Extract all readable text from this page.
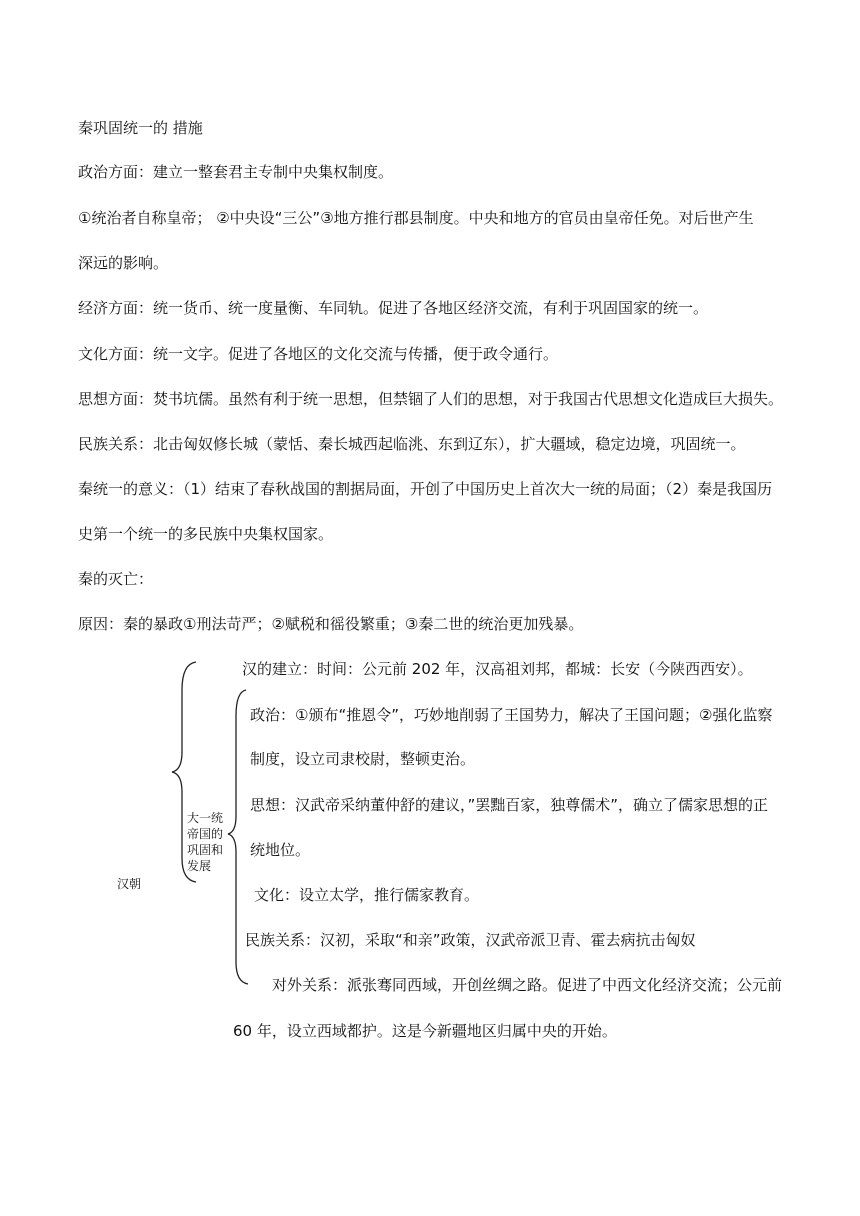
秦巩固统一的 措施
政治方面：建立一整套君主专制中央集权制度。
①统治者自称皇帝； ②中央设“三公”③地方推行郡县制度。中央和地方的官员由皇帝任免。对后世产生
深远的影响。
经济方面：统一货币、统一度量衡、车同轨。促进了各地区经济交流，有利于巩固国家的统一。
文化方面：统一文字。促进了各地区的文化交流与传播，便于政令通行。
思想方面：焚书坑儒。虽然有利于统一思想，但禁锢了人们的思想，对于我国古代思想文化造成巨大损失。
民族关系：北击匈奴修长城（蒙恬、秦长城西起临洮、东到辽东），扩大疆域，稳定边境，巩固统一。
秦统一的意义：（1）结束了春秋战国的割据局面，开创了中国历史上首次大一统的局面；（2）秦是我国历
史第一个统一的多民族中央集权国家。
秦的灭亡：
原因：秦的暴政①刑法苛严；②赋税和徭役繁重；③秦二世的统治更加残暴。
汉朝
大一统帝国的巩固和发展
汉的建立：时间：公元前 202 年，汉高祖刘邦，都城：长安（今陕西西安）。
政治：①颁布“推恩令”，巧妙地削弱了王国势力，解决了王国问题；②强化监察
制度，设立司隶校尉，整顿吏治。
思想：汉武帝采纳董仲舒的建议，”罢黜百家，独尊儒术”，确立了儒家思想的正
统地位。
文化：设立太学，推行儒家教育。
民族关系：汉初，采取“和亲”政策，汉武帝派卫青、霍去病抗击匈奴
对外关系：派张骞同西域，开创丝绸之路。促进了中西文化经济交流；公元前
60 年，设立西域都护。这是今新疆地区归属中央的开始。
